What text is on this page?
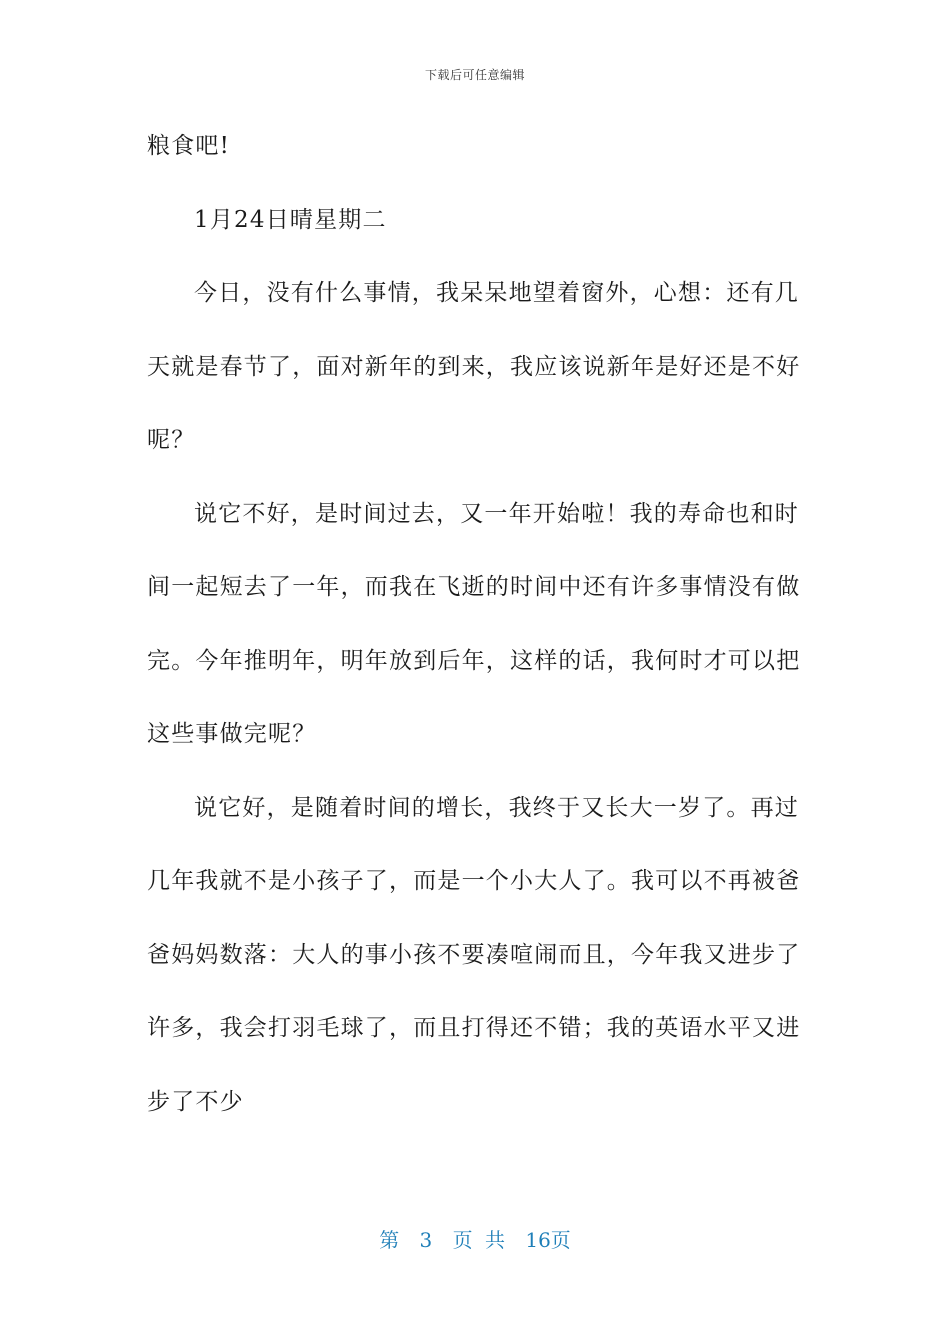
下载后可任意编辑
粮食吧!
1月24日晴星期二
今日，没有什么事情，我呆呆地望着窗外，心想：还有几
天就是春节了，面对新年的到来，我应该说新年是好还是不好
呢？
说它不好，是时间过去，又一年开始啦！我的寿命也和时
间一起短去了一年，而我在飞逝的时间中还有许多事情没有做
完。今年推明年，明年放到后年，这样的话，我何时才可以把
这些事做完呢？
说它好，是随着时间的增长，我终于又长大一岁了。再过
几年我就不是小孩子了，而是一个小大人了。我可以不再被爸
爸妈妈数落：大人的事小孩不要凑喧闹而且，今年我又进步了
许多，我会打羽毛球了，而且打得还不错；我的英语水平又进
步了不少
第 3 页 共 16页
